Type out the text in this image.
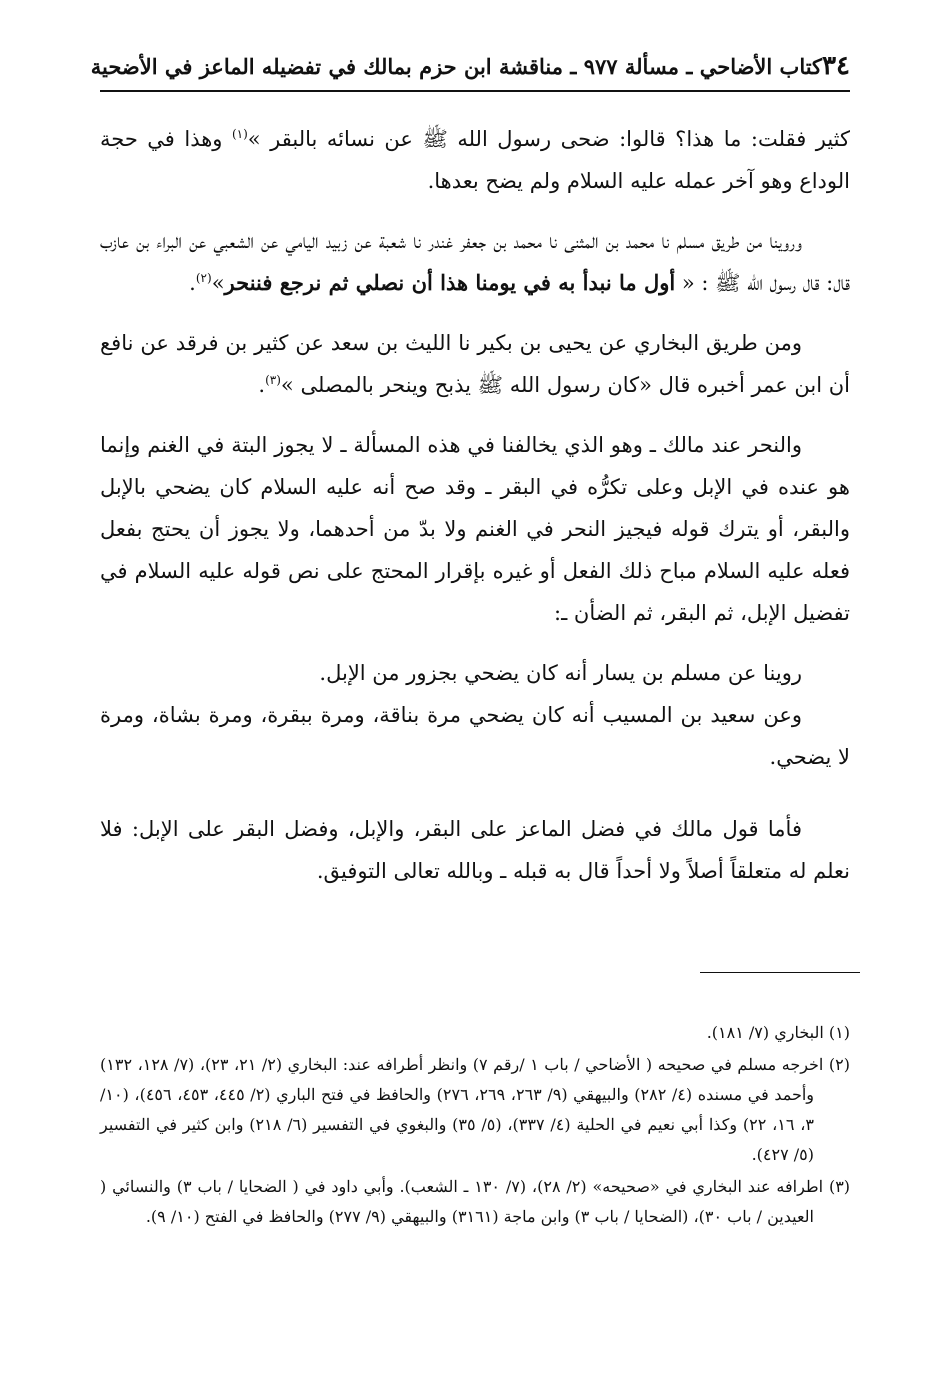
٣٤
كتاب الأضاحي ـ مسألة ٩٧٧ ـ مناقشة ابن حزم بمالك في تفضيله الماعز في الأضحية

كثير فقلت: ما هذا؟ قالوا: ضحى رسول الله ﷺ عن نسائه بالبقر »$^{(١)}$ وهذا في حجة الوداع وهو آخر عمله عليه السلام ولم يضح بعدها.

وروينا من طريق مسلم نا محمد بن المثنى نا محمد بن جعفر غندر نا شعبة عن زبيد اليامي عن الشعبي عن البراء بن عازب قال: قال رسول الله ﷺ : « أول ما نبدأ به في يومنا هذا أن نصلي ثم نرجع فننحر»$^{(٢)}$.

ومن طريق البخاري عن يحيى بن بكير نا الليث بن سعد عن كثير بن فرقد عن نافع أن ابن عمر أخبره قال «كان رسول الله ﷺ يذبح وينحر بالمصلى »$^{(٣)}$.

والنحر عند مالك ـ وهو الذي يخالفنا في هذه المسألة ـ لا يجوز البتة في الغنم وإنما هو عنده في الإبل وعلى تكرُّه في البقر ـ وقد صح أنه عليه السلام كان يضحي بالإبل والبقر، أو يترك قوله فيجيز النحر في الغنم ولا بدّ من أحدهما، ولا يجوز أن يحتج بفعل فعله عليه السلام مباح ذلك الفعل أو غيره بإقرار المحتج على نص قوله عليه السلام في تفضيل الإبل، ثم البقر، ثم الضأن ـ:

روينا عن مسلم بن يسار أنه كان يضحي بجزور من الإبل.

وعن سعيد بن المسيب أنه كان يضحي مرة بناقة، ومرة ببقرة، ومرة بشاة، ومرة لا يضحي.

فأما قول مالك في فضل الماعز على البقر، والإبل، وفضل البقر على الإبل: فلا نعلم له متعلقاً أصلاً ولا أحداً قال به قبله ـ وبالله تعالى التوفيق.

(١) البخاري (٧/ ١٨١).

(٢) اخرجه مسلم في صحيحه ( الأضاحي / باب ١ /رقم ٧) وانظر أطرافه عند: البخاري (٢/ ٢١، ٢٣)، (٧/ ١٢٨، ١٣٢) وأحمد في مسنده (٤/ ٢٨٢) والبيهقي (٩/ ٢٦٣، ٢٦٩، ٢٧٦) والحافظ في فتح الباري (٢/ ٤٤٥، ٤٥٣، ٤٥٦)، (١٠/ ٣، ١٦، ٢٢) وكذا أبي نعيم في الحلية (٤/ ٣٣٧)، (٥/ ٣٥) والبغوي في التفسير (٦/ ٢١٨) وابن كثير في التفسير (٥/ ٤٢٧).

(٣) اطرافه عند البخاري في «صحيحه» (٢/ ٢٨)، (٧/ ١٣٠ ـ الشعب). وأبي داود في ( الضحايا / باب ٣) والنسائي ( العيدين / باب ٣٠)، (الضحايا / باب ٣) وابن ماجة (٣١٦١) والبيهقي (٩/ ٢٧٧) والحافظ في الفتح (١٠/ ٩).
